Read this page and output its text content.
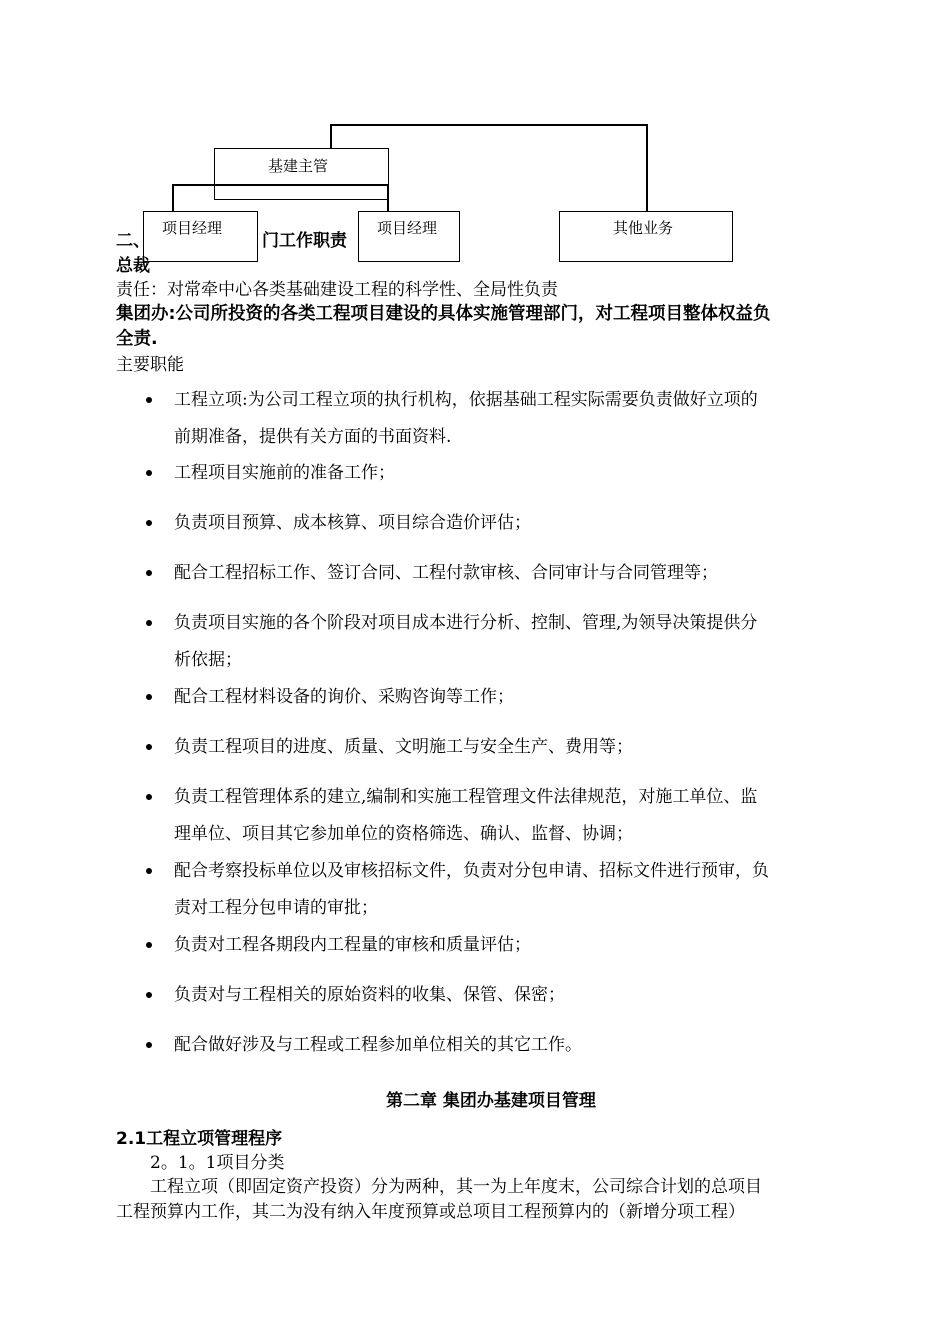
基建主管
项目经理	项目经理	其他业务
二、	门工作职责
总裁
责任：对常牵中心各类基础建设工程的科学性、全局性负责
集团办:公司所投资的各类工程项目建设的具体实施管理部门，对工程项目整体权益负
全责.
主要职能
工程立项:为公司工程立项的执行机构，依据基础工程实际需要负责做好立项的
前期准备，提供有关方面的书面资料.
工程项目实施前的准备工作；
负责项目预算、成本核算、项目综合造价评估；
配合工程招标工作、签订合同、工程付款审核、合同审计与合同管理等；
负责项目实施的各个阶段对项目成本进行分析、控制、管理,为领导决策提供分
析依据；
配合工程材料设备的询价、采购咨询等工作；
负责工程项目的进度、质量、文明施工与安全生产、费用等；
负责工程管理体系的建立,编制和实施工程管理文件法律规范，对施工单位、监
理单位、项目其它参加单位的资格筛选、确认、监督、协调；
配合考察投标单位以及审核招标文件，负责对分包申请、招标文件进行预审，负
责对工程分包申请的审批；
负责对工程各期段内工程量的审核和质量评估；
负责对与工程相关的原始资料的收集、保管、保密；
配合做好涉及与工程或工程参加单位相关的其它工作。
第二章 集团办基建项目管理
2.1工程立项管理程序
2。1。1项目分类
工程立项（即固定资产投资）分为两种，其一为上年度末，公司综合计划的总项目
工程预算内工作，其二为没有纳入年度预算或总项目工程预算内的（新增分项工程）
